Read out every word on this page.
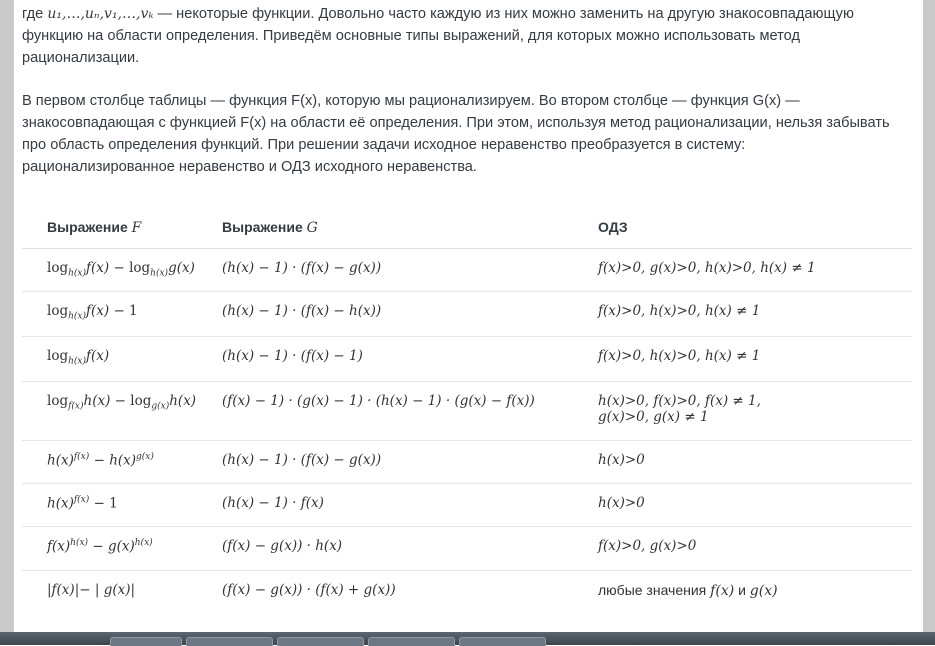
где u₁,…,uₙ,v₁,…,vₖ — некоторые функции. Довольно часто каждую из них можно заменить на другую знакосовпадающую функцию на области определения. Приведём основные типы выражений, для которых можно использовать метод рационализации.

В первом столбце таблицы — функция F(x), которую мы рационализируем. Во втором столбце — функция G(x) — знакосовпадающая с функцией F(x) на области её определения. При этом, используя метод рационализации, нельзя забывать про область определения функций. При решении задачи исходное неравенство преобразуется в систему: рационализированное неравенство и ОДЗ исходного неравенства.

Выражение F	Выражение G	ОДЗ
$\log_{h(x)}f(x) - \log_{h(x)}g(x)$	(h(x) − 1) · (f(x) − g(x))	f(x)>0, g(x)>0, h(x)>0, h(x) ≠ 1
$\log_{h(x)}f(x) - 1$	(h(x) − 1) · (f(x) − h(x))	f(x)>0, h(x)>0, h(x) ≠ 1
$\log_{h(x)}f(x)$	(h(x) − 1) · (f(x) − 1)	f(x)>0, h(x)>0, h(x) ≠ 1
$\log_{f(x)}h(x) - \log_{g(x)}h(x)$	(f(x) − 1) · (g(x) − 1) · (h(x) − 1) · (g(x) − f(x))	h(x)>0, f(x)>0, f(x) ≠ 1,
g(x)>0, g(x) ≠ 1

$h(x)^{f(x)} - h(x)^{g(x)}$	(h(x) − 1) · (f(x) − g(x))	h(x)>0
$h(x)^{f(x)} - 1$	(h(x) − 1) · f(x)	h(x)>0
$f(x)^{h(x)} - g(x)^{h(x)}$	(f(x) − g(x)) · h(x)	f(x)>0, g(x)>0
|f(x)|− | g(x)|	(f(x) − g(x)) · (f(x) + g(x))	любые значения f(x) и g(x)
